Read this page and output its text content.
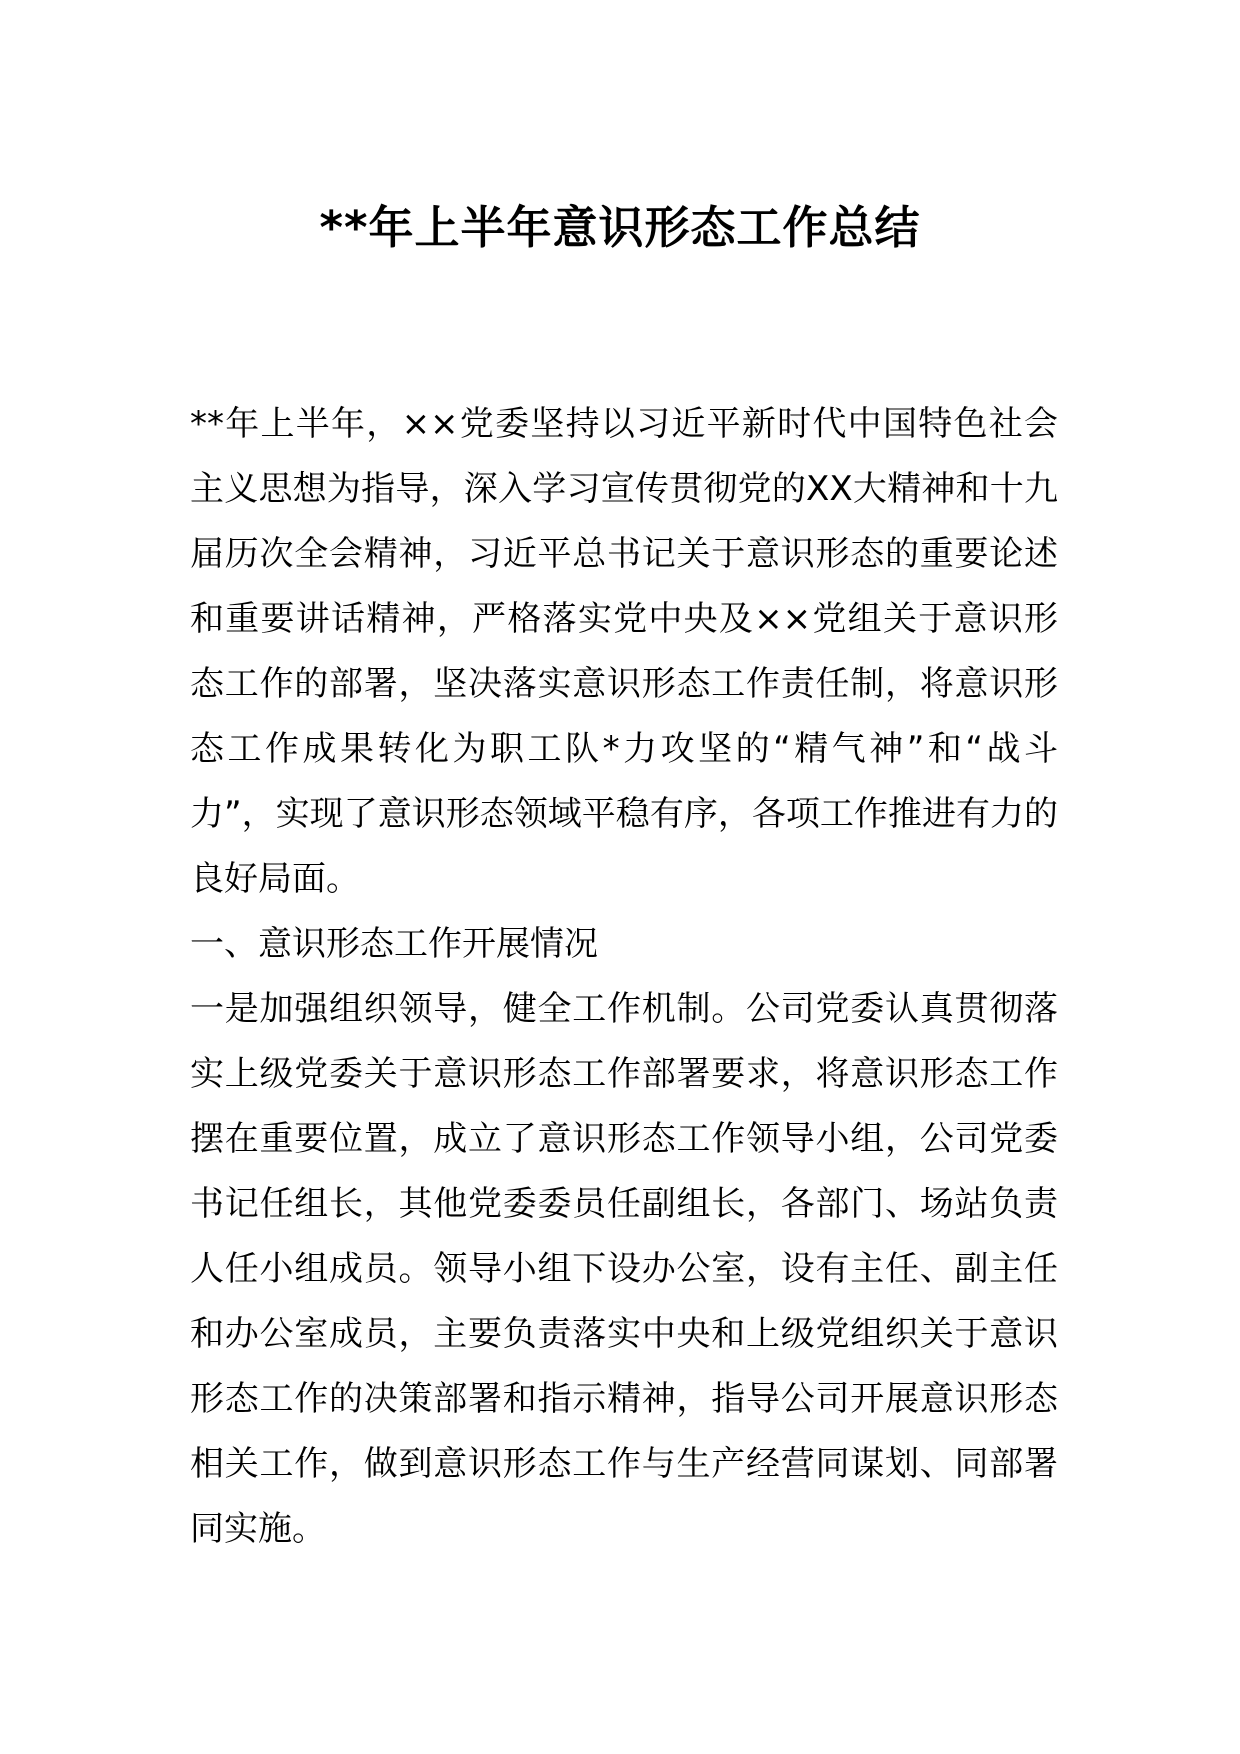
**年上半年意识形态工作总结

**年上半年，××党委坚持以习近平新时代中国特色社会主义思想为指导，深入学习宣传贯彻党的XX大精神和十九届历次全会精神，习近平总书记关于意识形态的重要论述和重要讲话精神，严格落实党中央及××党组关于意识形态工作的部署，坚决落实意识形态工作责任制，将意识形态工作成果转化为职工队*力攻坚的“精气神”和“战斗力”，实现了意识形态领域平稳有序，各项工作推进有力的良好局面。

一、意识形态工作开展情况

一是加强组织领导，健全工作机制。公司党委认真贯彻落实上级党委关于意识形态工作部署要求，将意识形态工作摆在重要位置，成立了意识形态工作领导小组，公司党委书记任组长，其他党委委员任副组长，各部门、场站负责人任小组成员。领导小组下设办公室，设有主任、副主任和办公室成员，主要负责落实中央和上级党组织关于意识形态工作的决策部署和指示精神，指导公司开展意识形态相关工作，做到意识形态工作与生产经营同谋划、同部署同实施。
